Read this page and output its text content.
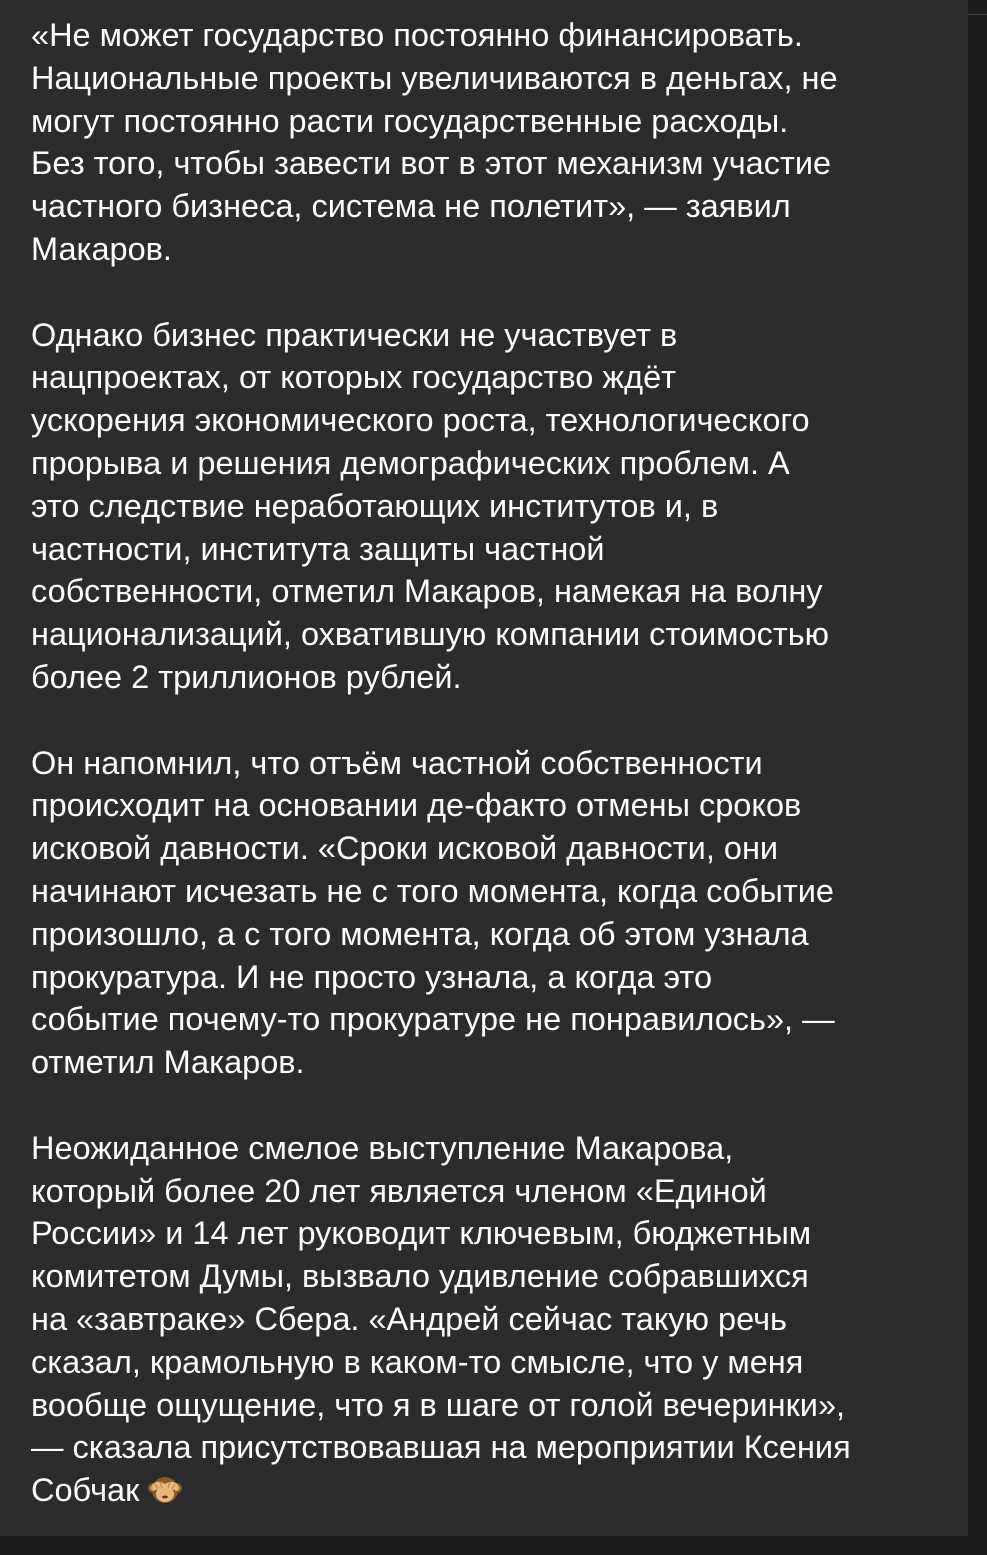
«Не может государство постоянно финансировать.
Национальные проекты увеличиваются в деньгах, не
могут постоянно расти государственные расходы.
Без того, чтобы завести вот в этот механизм участие
частного бизнеса, система не полетит», — заявил
Макаров.

Однако бизнес практически не участвует в
нацпроектах, от которых государство ждёт
ускорения экономического роста, технологического
прорыва и решения демографических проблем. А
это следствие неработающих институтов и, в
частности, института защиты частной
собственности, отметил Макаров, намекая на волну
национализаций, охватившую компании стоимостью
более 2 триллионов рублей.

Он напомнил, что отъём частной собственности
происходит на основании де-факто отмены сроков
исковой давности. «Сроки исковой давности, они
начинают исчезать не с того момента, когда событие
произошло, а с того момента, когда об этом узнала
прокуратура. И не просто узнала, а когда это
событие почему-то прокуратуре не понравилось», —
отметил Макаров.

Неожиданное смелое выступление Макарова,
который более 20 лет является членом «Единой
России» и 14 лет руководит ключевым, бюджетным
комитетом Думы, вызвало удивление собравшихся
на «завтраке» Сбера. «Андрей сейчас такую речь
сказал, крамольную в каком-то смысле, что у меня
вообще ощущение, что я в шаге от голой вечеринки»,
— сказала присутствовавшая на мероприятии Ксения
Собчак
